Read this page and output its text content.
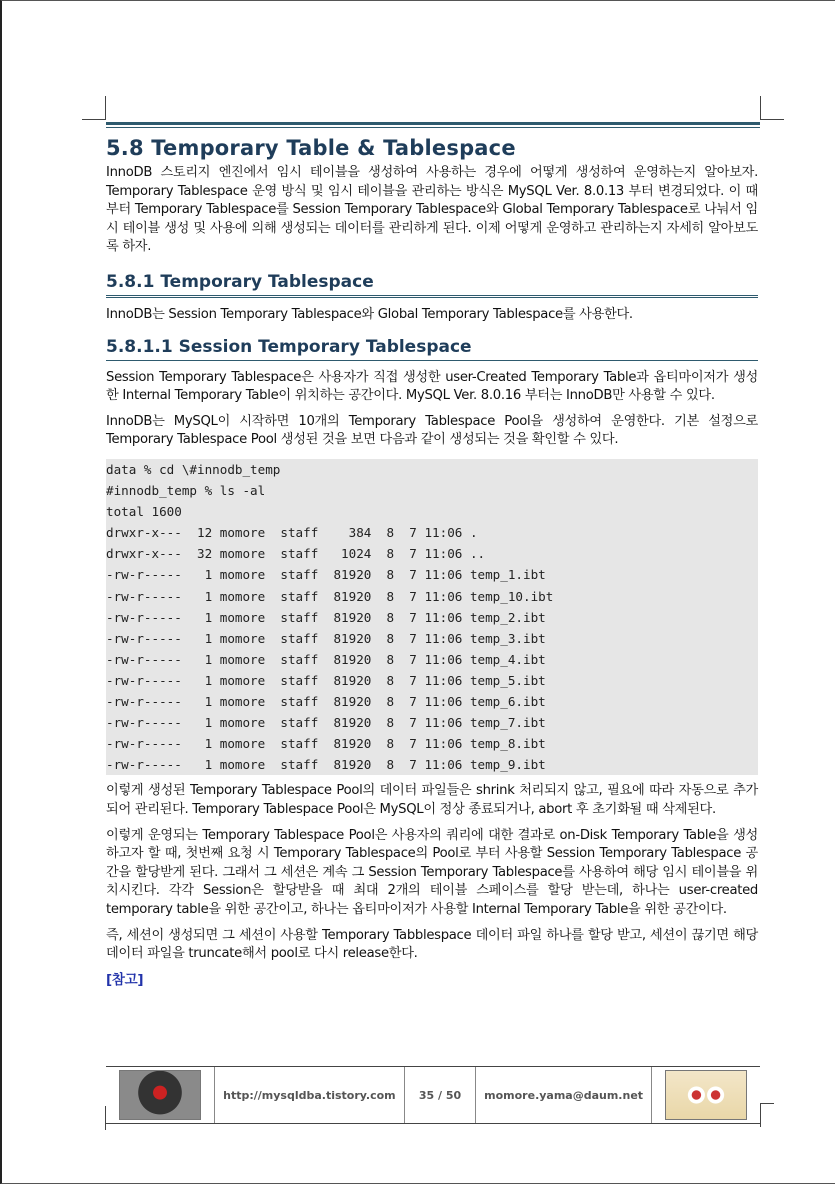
5.8 Temporary Table & Tablespace

InnoDB 스토리지 엔진에서 임시 테이블을 생성하여 사용하는 경우에 어떻게 생성하여 운영하는지 알아보자. Temporary Tablespace 운영 방식 및 임시 테이블을 관리하는 방식은 MySQL Ver. 8.0.13 부터 변경되었다. 이 때 부터 Temporary Tablespace를 Session Temporary Tablespace와 Global Temporary Tablespace로 나눠서 임시 테이블 생성 및 사용에 의해 생성되는 데이터를 관리하게 된다. 이제 어떻게 운영하고 관리하는지 자세히 알아보도록 하자.

5.8.1 Temporary Tablespace

InnoDB는 Session Temporary Tablespace와 Global Temporary Tablespace를 사용한다.

5.8.1.1 Session Temporary Tablespace

Session Temporary Tablespace은 사용자가 직접 생성한 user-Created Temporary Table과 옵티마이저가 생성한 Internal Temporary Table이 위치하는 공간이다. MySQL Ver. 8.0.16 부터는 InnoDB만 사용할 수 있다.

InnoDB는 MySQL이 시작하면 10개의 Temporary Tablespace Pool을 생성하여 운영한다. 기본 설정으로 Temporary Tablespace Pool 생성된 것을 보면 다음과 같이 생성되는 것을 확인할 수 있다.

data % cd \#innodb_temp
#innodb_temp % ls -al
total 1600
drwxr-x---  12 momore  staff    384  8  7 11:06 .
drwxr-x---  32 momore  staff   1024  8  7 11:06 ..
-rw-r-----   1 momore  staff  81920  8  7 11:06 temp_1.ibt
-rw-r-----   1 momore  staff  81920  8  7 11:06 temp_10.ibt
-rw-r-----   1 momore  staff  81920  8  7 11:06 temp_2.ibt
-rw-r-----   1 momore  staff  81920  8  7 11:06 temp_3.ibt
-rw-r-----   1 momore  staff  81920  8  7 11:06 temp_4.ibt
-rw-r-----   1 momore  staff  81920  8  7 11:06 temp_5.ibt
-rw-r-----   1 momore  staff  81920  8  7 11:06 temp_6.ibt
-rw-r-----   1 momore  staff  81920  8  7 11:06 temp_7.ibt
-rw-r-----   1 momore  staff  81920  8  7 11:06 temp_8.ibt
-rw-r-----   1 momore  staff  81920  8  7 11:06 temp_9.ibt

이렇게 생성된 Temporary Tablespace Pool의 데이터 파일들은 shrink 처리되지 않고, 필요에 따라 자동으로 추가되어 관리된다. Temporary Tablespace Pool은 MySQL이 정상 종료되거나, abort 후 초기화될 때 삭제된다.

이렇게 운영되는 Temporary Tablespace Pool은 사용자의 쿼리에 대한 결과로 on-Disk Temporary Table을 생성하고자 할 때, 첫번째 요청 시 Temporary Tablespace의 Pool로 부터 사용할 Session Temporary Tablespace 공간을 할당받게 된다. 그래서 그 세션은 계속 그 Session Temporary Tablespace를 사용하여 해당 임시 테이블을 위치시킨다. 각각 Session은 할당받을 때 최대 2개의 테이블 스페이스를 할당 받는데, 하나는 user-created temporary table을 위한 공간이고, 하나는 옵티마이저가 사용할 Internal Temporary Table을 위한 공간이다.

즉, 세션이 생성되면 그 세션이 사용할 Temporary Tabblespace 데이터 파일 하나를 할당 받고, 세션이 끊기면 해당 데이터 파일을 truncate해서 pool로 다시 release한다.

[참고]

http://mysqldba.tistory.com 35 / 50 momore.yama@daum.net
